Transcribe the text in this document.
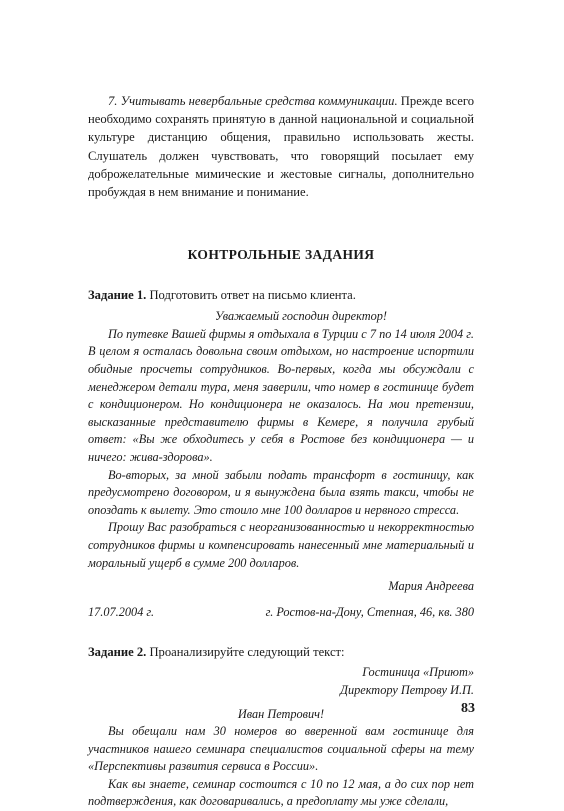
7. Учитывать невербальные средства коммуникации. Прежде всего необходимо сохранять принятую в данной национальной и социальной культуре дистанцию общения, правильно использовать жесты. Слушатель должен чувствовать, что говорящий посылает ему доброжелательные мимические и жестовые сигналы, дополнительно пробуждая в нем внимание и понимание.

КОНТРОЛЬНЫЕ ЗАДАНИЯ

Задание 1. Подготовить ответ на письмо клиента.

Уважаемый господин директор!

По путевке Вашей фирмы я отдыхала в Турции с 7 по 14 июля 2004 г. В целом я осталась довольна своим отдыхом, но настроение испортили обидные просчеты сотрудников. Во-первых, когда мы обсуждали с менеджером детали тура, меня заверили, что номер в гостинице будет с кондиционером. Но кондиционера не оказалось. На мои претензии, высказанные представителю фирмы в Кемере, я получила грубый ответ: «Вы же обходитесь у себя в Ростове без кондиционера — и ничего: жива-здорова».

Во-вторых, за мной забыли подать трансфорт в гостиницу, как предусмотрено договором, и я вынуждена была взять такси, чтобы не опоздать к вылету. Это стоило мне 100 долларов и нервного стресса.

Прошу Вас разобраться с неорганизованностью и некорректностью сотрудников фирмы и компенсировать нанесенный мне материальный и моральный ущерб в сумме 200 долларов.

Мария Андреева

17.07.2004 г.	г. Ростов-на-Дону, Степная, 46, кв. 380

Задание 2. Проанализируйте следующий текст:

Гостиница «Приют»

Директору Петрову И.П.

Иван Петрович!

Вы обещали нам 30 номеров во вверенной вам гостинице для участников нашего семинара специалистов социальной сферы на тему «Перспективы развития сервиса в России».

Как вы знаете, семинар состоится с 10 по 12 мая, а до сих пор нет подтверждения, как договаривались, а предоплату мы уже сделали,

83
